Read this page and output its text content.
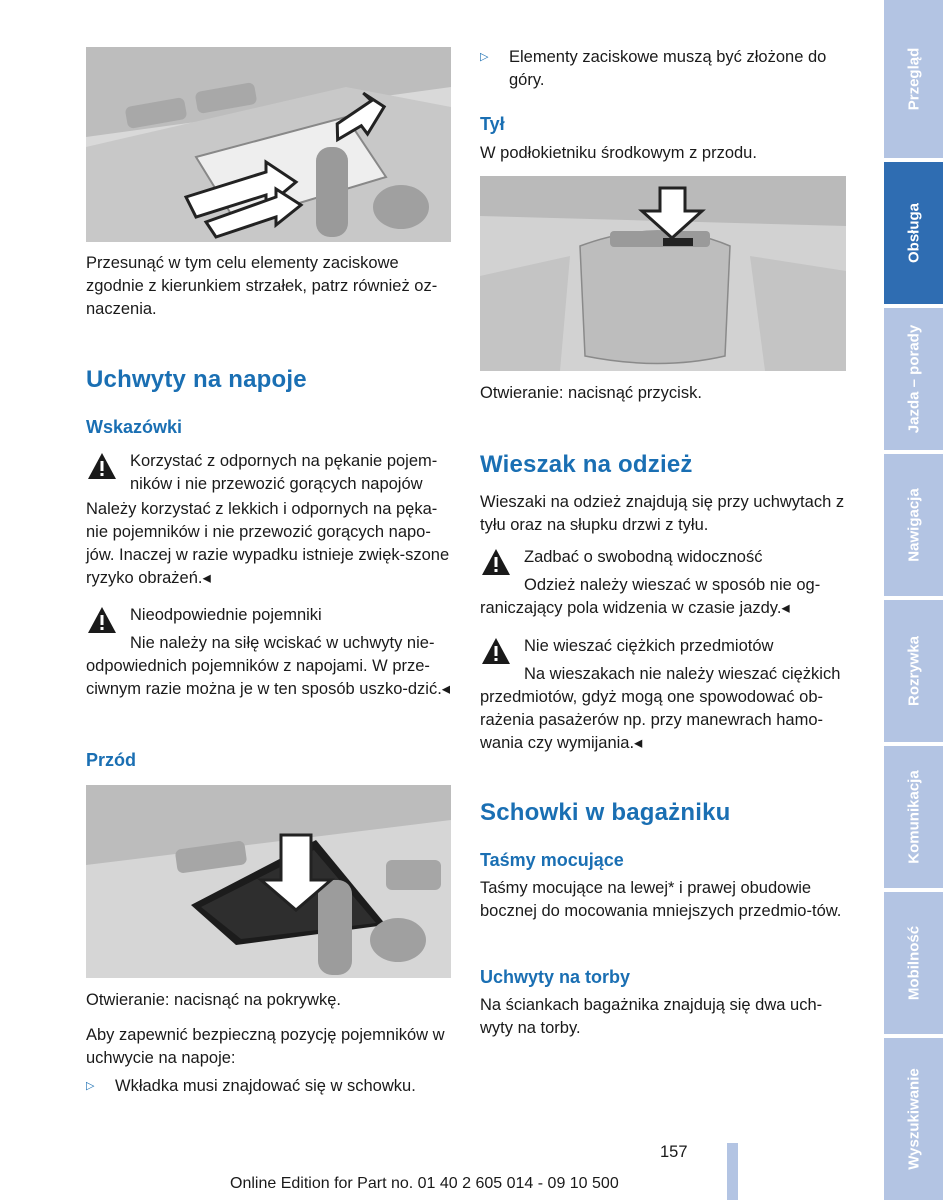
Przesunąć w tym celu elementy zaciskowe zgodnie z kierunkiem strzałek, patrz również oz-naczenia.

Uchwyty na napoje
Wskazówki

Korzystać z odpornych na pękanie pojem-ników i nie przewozić gorących napojów

Należy korzystać z lekkich i odpornych na pęka-nie pojemników i nie przewozić gorących napo-jów. Inaczej w razie wypadku istnieje zwięk-szone ryzyko obrażeń.◂

Nieodpowiednie pojemniki

Nie należy na siłę wciskać w uchwyty nie-odpowiednich pojemników z napojami. W prze-ciwnym razie można je w ten sposób uszko-dzić.◂

Przód

Otwieranie: nacisnąć na pokrywkę.

Aby zapewnić bezpieczną pozycję pojemników w uchwycie na napoje:

▷ Wkładka musi znajdować się w schowku.
▷ Elementy zaciskowe muszą być złożone do góry.
Tył

W podłokietniku środkowym z przodu.

Otwieranie: nacisnąć przycisk.

Wieszak na odzież

Wieszaki na odzież znajdują się przy uchwytach z tyłu oraz na słupku drzwi z tyłu.

Zadbać o swobodną widoczność

Odzież należy wieszać w sposób nie og-raniczający pola widzenia w czasie jazdy.◂

Nie wieszać ciężkich przedmiotów

Na wieszakach nie należy wieszać ciężkich przedmiotów, gdyż mogą one spowodować ob-rażenia pasażerów np. przy manewrach hamo-wania czy wymijania.◂

Schowki w bagażniku
Taśmy mocujące

Taśmy mocujące na lewej* i prawej obudowie bocznej do mocowania mniejszych przedmio-tów.

Uchwyty na torby

Na ściankach bagażnika znajdują się dwa uch-wyty na torby.

Przegląd
Obsługa
Jazda – porady
Nawigacja
Rozrywka
Komunikacja
Mobilność
Wyszukiwanie
157
Online Edition for Part no. 01 40 2 605 014 - 09 10 500
